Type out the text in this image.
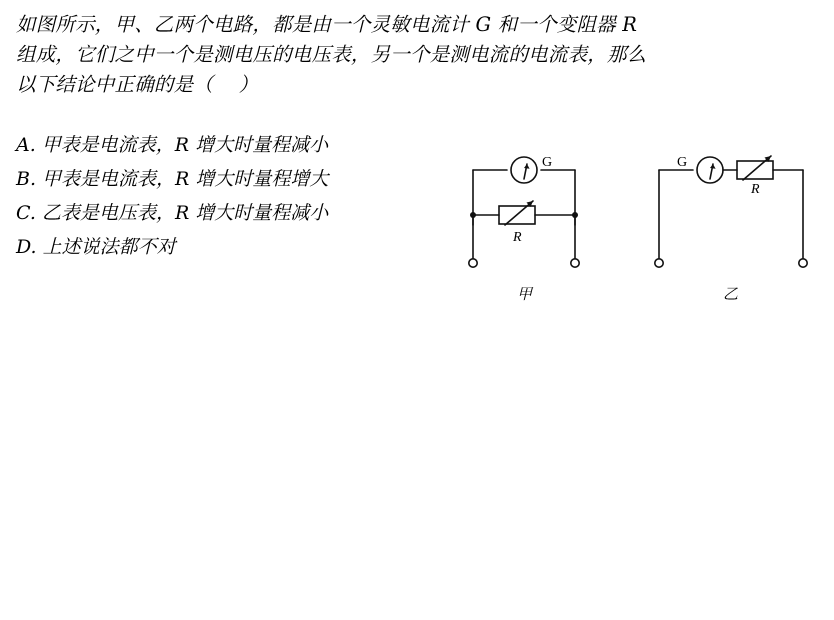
如图所示，甲、乙两个电路，都是由一个灵敏电流计 G 和一个变阻器 R
组成，它们之中一个是测电压的电压表，另一个是测电流的电流表，那么
以下结论中正确的是（    ）
A. 甲表是电流表，R 增大时量程减小
B. 甲表是电流表，R 增大时量程增大
C. 乙表是电压表，R 增大时量程减小
D. 上述说法都不对
G
R
G
R
甲	乙
